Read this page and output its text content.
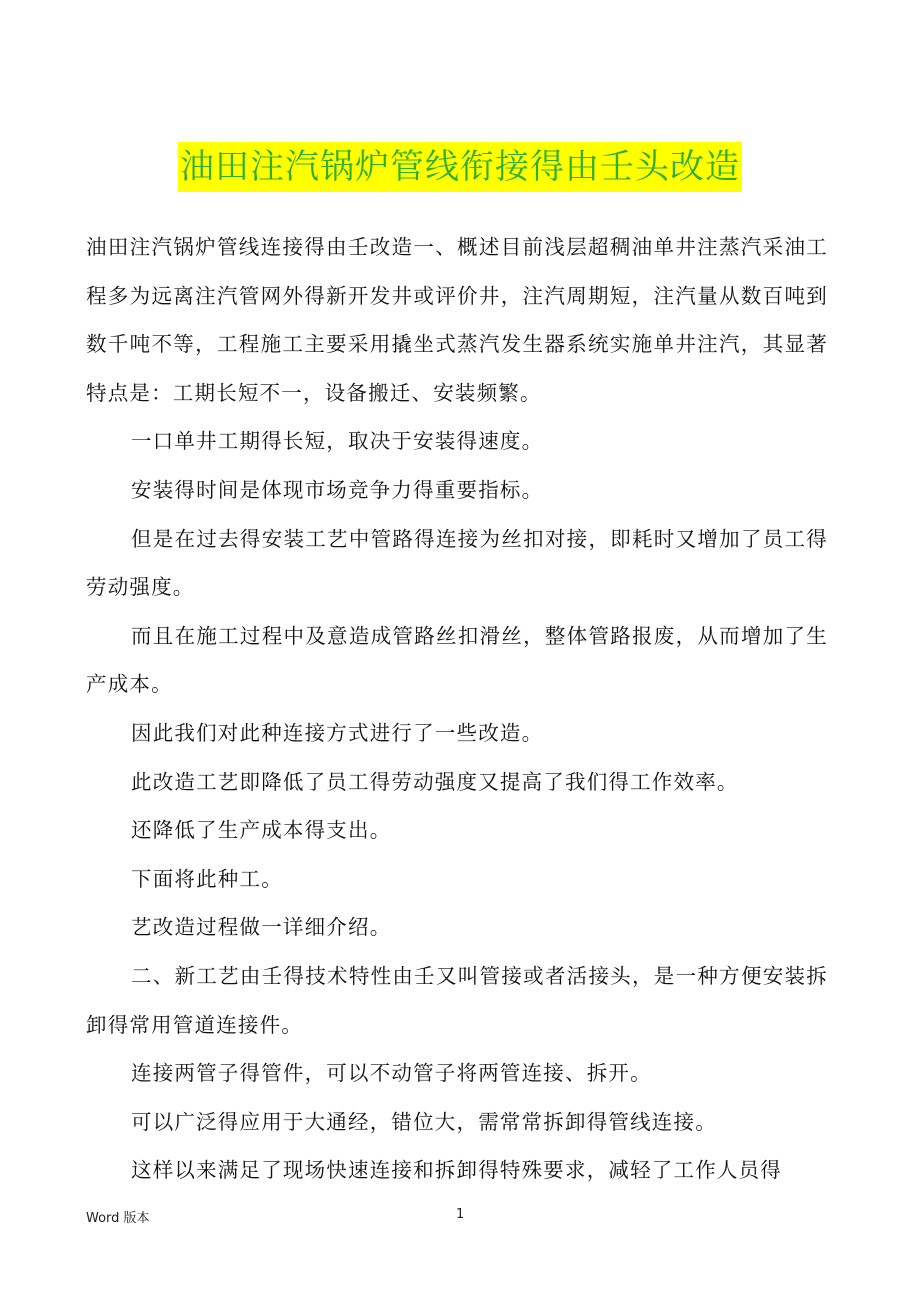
油田注汽锅炉管线衔接得由壬头改造

油田注汽锅炉管线连接得由壬改造一、概述目前浅层超稠油单井注蒸汽采油工程多为远离注汽管网外得新开发井或评价井，注汽周期短，注汽量从数百吨到数千吨不等，工程施工主要采用撬坐式蒸汽发生器系统实施单井注汽，其显著特点是：工期长短不一，设备搬迁、安装频繁。

一口单井工期得长短，取决于安装得速度。

安装得时间是体现市场竞争力得重要指标。

但是在过去得安装工艺中管路得连接为丝扣对接，即耗时又增加了员工得劳动强度。

而且在施工过程中及意造成管路丝扣滑丝，整体管路报废，从而增加了生产成本。

因此我们对此种连接方式进行了一些改造。

此改造工艺即降低了员工得劳动强度又提高了我们得工作效率。

还降低了生产成本得支出。

下面将此种工。

艺改造过程做一详细介绍。

二、新工艺由壬得技术特性由壬又叫管接或者活接头，是一种方便安装拆卸得常用管道连接件。

连接两管子得管件，可以不动管子将两管连接、拆开。

可以广泛得应用于大通经，错位大，需常常拆卸得管线连接。

这样以来满足了现场快速连接和拆卸得特殊要求，减轻了工作人员得

Word 版本	1
